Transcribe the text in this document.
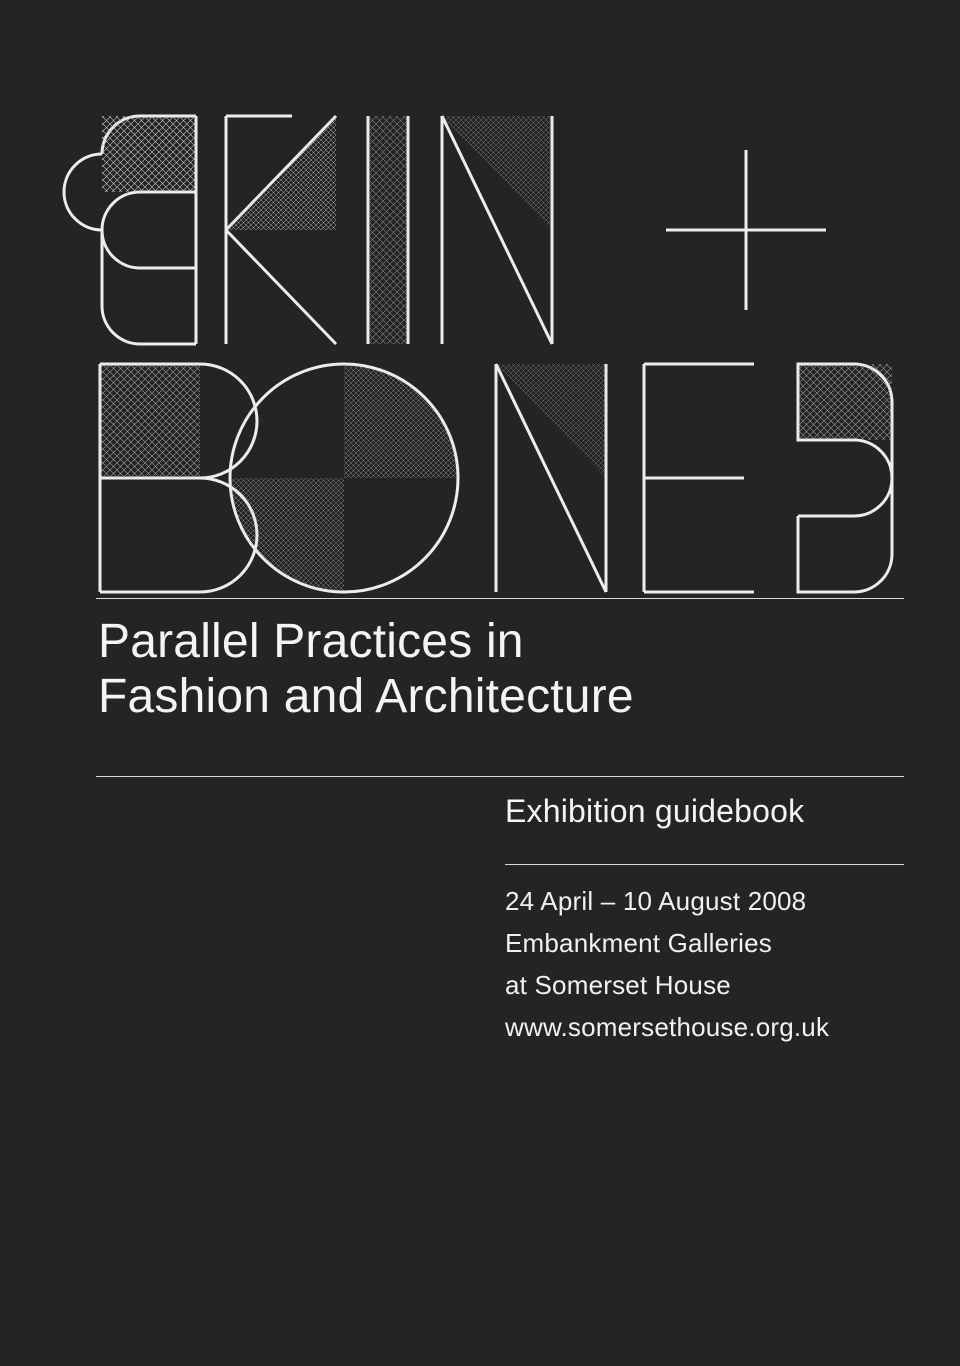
Parallel Practices in
Fashion and Architecture
Exhibition guidebook
24 April – 10 August 2008
Embankment Galleries
at Somerset House
www.somersethouse.org.uk
